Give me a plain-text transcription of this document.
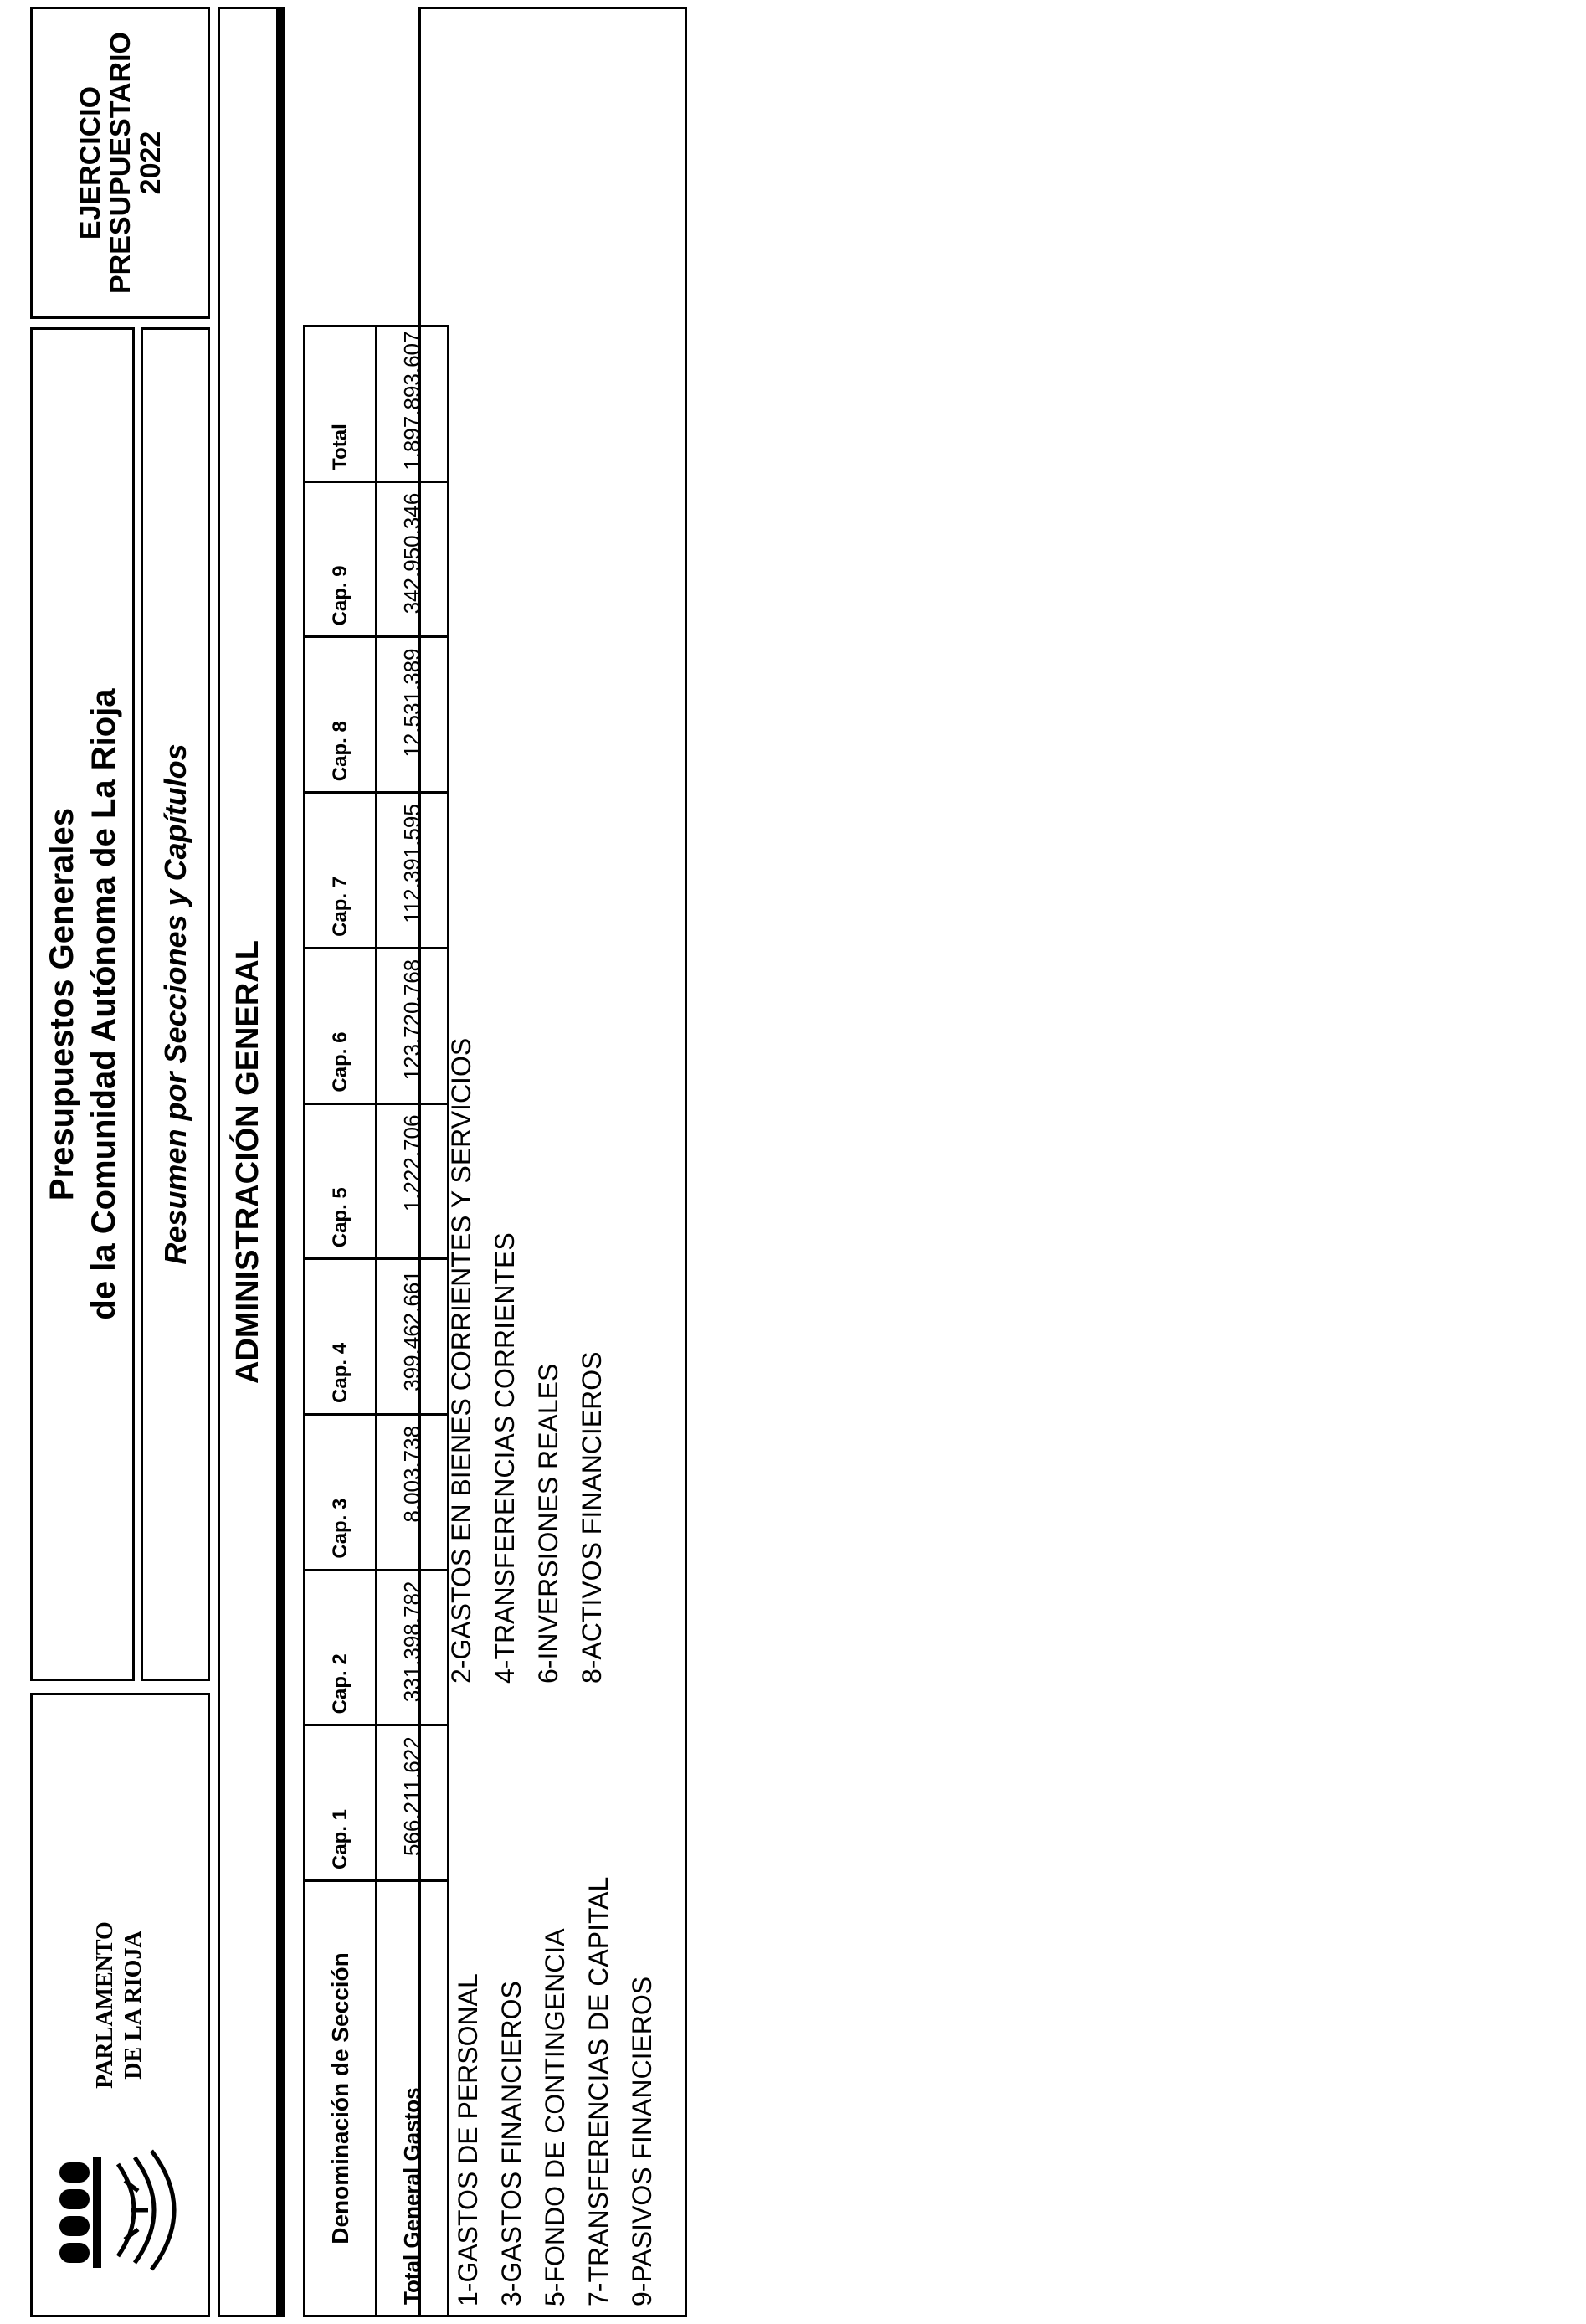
PARLAMENTO DE LA RIOJA
Presupuestos Generales de la Comunidad Autónoma de La Rioja Resumen por Secciones y Capítulos
EJERCICIO
PRESUPUESTARIO
2022
ADMINISTRACIÓN GENERAL
Denominación de Sección	Cap. 1	Cap. 2	Cap. 3	Cap. 4	Cap. 5	Cap. 6	Cap. 7	Cap. 8	Cap. 9	Total
Total General Gastos	566.211.622	331.398.782	8.003.738	399.462.661	1.222.706	123.720.768	112.391.595	12.531.389	342.950.346	1.897.893.607
1-GASTOS DE PERSONAL 3-GASTOS FINANCIEROS 5-FONDO DE CONTINGENCIA 7-TRANSFERENCIAS DE CAPITAL 9-PASIVOS FINANCIEROS
2-GASTOS EN BIENES CORRIENTES Y SERVICIOS 4-TRANSFERENCIAS CORRIENTES 6-INVERSIONES REALES 8-ACTIVOS FINANCIEROS
